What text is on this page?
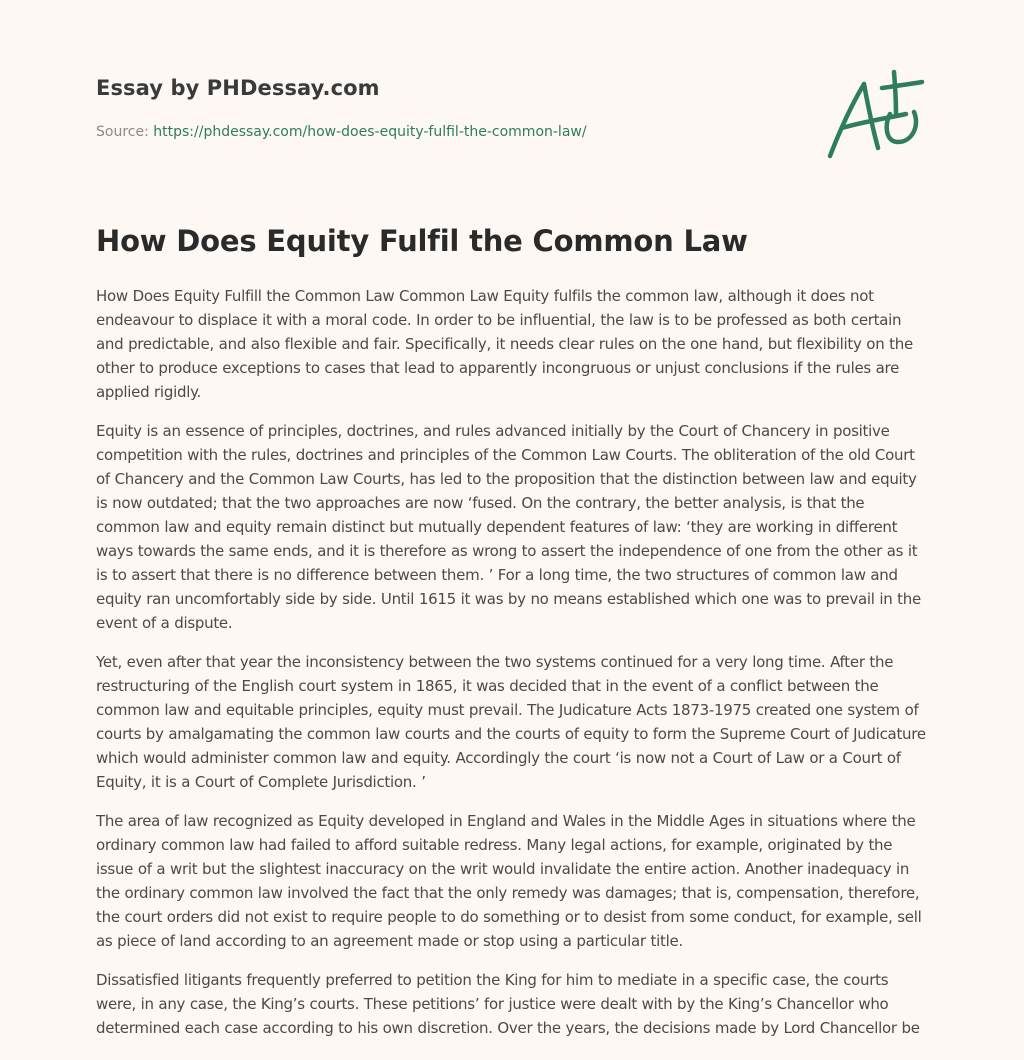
Essay by PHDessay.com
Source: https://phdessay.com/how-does-equity-fulfil-the-common-law/
How Does Equity Fulfil the Common Law

How Does Equity Fulfill the Common Law Common Law Equity fulfils the common law, although it does not endeavour to displace it with a moral code. In order to be influential, the law is to be professed as both certain and predictable, and also flexible and fair. Specifically, it needs clear rules on the one hand, but flexibility on the other to produce exceptions to cases that lead to apparently incongruous or unjust conclusions if the rules are applied rigidly.

Equity is an essence of principles, doctrines, and rules advanced initially by the Court of Chancery in positive competition with the rules, doctrines and principles of the Common Law Courts. The obliteration of the old Court of Chancery and the Common Law Courts, has led to the proposition that the distinction between law and equity is now outdated; that the two approaches are now ‘fused. On the contrary, the better analysis, is that the common law and equity remain distinct but mutually dependent features of law: ‘they are working in different ways towards the same ends, and it is therefore as wrong to assert the independence of one from the other as it is to assert that there is no difference between them. ’ For a long time, the two structures of common law and equity ran uncomfortably side by side. Until 1615 it was by no means established which one was to prevail in the event of a dispute.

Yet, even after that year the inconsistency between the two systems continued for a very long time. After the restructuring of the English court system in 1865, it was decided that in the event of a conflict between the common law and equitable principles, equity must prevail. The Judicature Acts 1873-1975 created one system of courts by amalgamating the common law courts and the courts of equity to form the Supreme Court of Judicature which would administer common law and equity. Accordingly the court ‘is now not a Court of Law or a Court of Equity, it is a Court of Complete Jurisdiction. ’

The area of law recognized as Equity developed in England and Wales in the Middle Ages in situations where the ordinary common law had failed to afford suitable redress. Many legal actions, for example, originated by the issue of a writ but the slightest inaccuracy on the writ would invalidate the entire action. Another inadequacy in the ordinary common law involved the fact that the only remedy was damages; that is, compensation, therefore, the court orders did not exist to require people to do something or to desist from some conduct, for example, sell as piece of land according to an agreement made or stop using a particular title.

Dissatisfied litigants frequently preferred to petition the King for him to mediate in a specific case, the courts were, in any case, the King’s courts. These petitions’ for justice were dealt with by the King’s Chancellor who determined each case according to his own discretion. Over the years, the decisions made by Lord Chancellor be
